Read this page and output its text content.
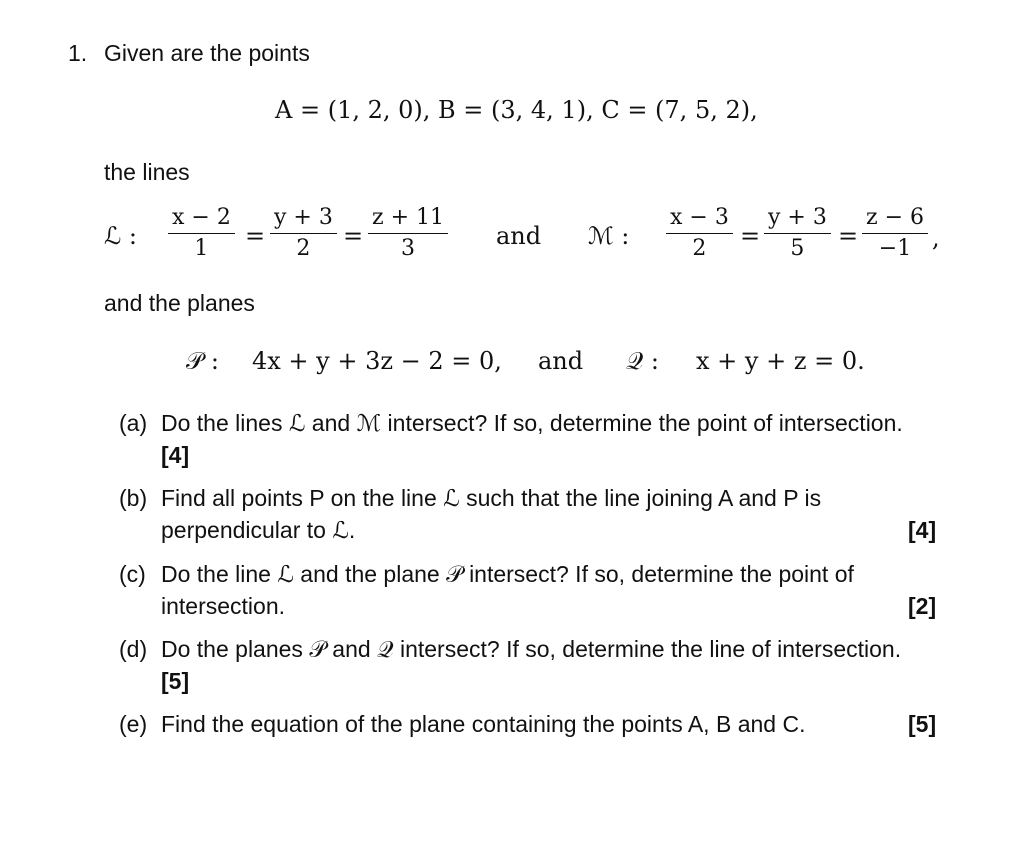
1. Given are the points
A = (1, 2, 0), B = (3, 4, 1), C = (7, 5, 2),
the lines
ℒ : $\frac{x - 2}{1} = \frac{y + 3}{2} = \frac{z + 11}{3}$ and ℳ : $\frac{x - 3}{2} = \frac{y + 3}{5} = \frac{z - 6}{-1}$ ,
and the planes
𝒫 : 4x + y + 3z − 2 = 0, and 𝒬 : x + y + z = 0.
(a) Do the lines ℒ and ℳ intersect? If so, determine the point of intersection.
[4]
(b) Find all points P on the line ℒ such that the line joining A and P is
perpendicular to ℒ.	[4]
(c) Do the line ℒ and the plane 𝒫 intersect? If so, determine the point of
intersection.	[2]
(d) Do the planes 𝒫 and 𝒬 intersect? If so, determine the line of intersection.
[5]
(e) Find the equation of the plane containing the points A, B and C.	[5]
